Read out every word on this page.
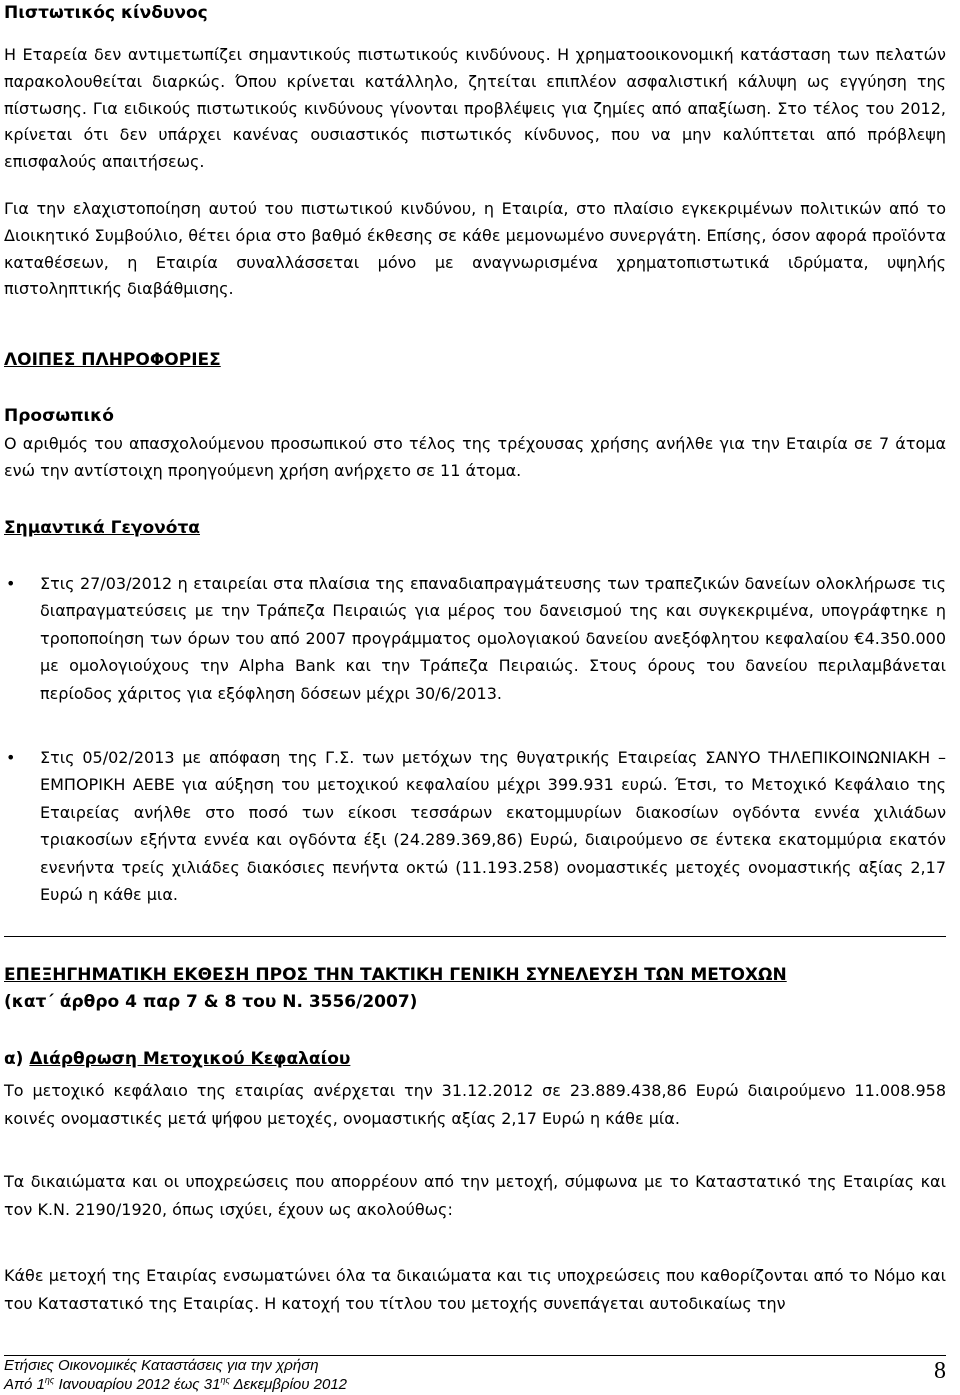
Πιστωτικός κίνδυνος
Η Εταρεία δεν αντιμετωπίζει σημαντικούς πιστωτικούς κινδύνους. Η χρηματοοικονομική κατάσταση των πελατών παρακολουθείται διαρκώς. Όπου κρίνεται κατάλληλο, ζητείται επιπλέον ασφαλιστική κάλυψη ως εγγύηση της πίστωσης. Για ειδικούς πιστωτικούς κινδύνους γίνονται προβλέψεις για ζημίες από απαξίωση. Στο τέλος του 2012, κρίνεται ότι δεν υπάρχει κανένας ουσιαστικός πιστωτικός κίνδυνος, που να μην καλύπτεται από πρόβλεψη επισφαλούς απαιτήσεως.
Για την ελαχιστοποίηση αυτού του πιστωτικού κινδύνου, η Εταιρία, στο πλαίσιο εγκεκριμένων πολιτικών από το Διοικητικό Συμβούλιο, θέτει όρια στο βαθμό έκθεσης σε κάθε μεμονωμένο συνεργάτη. Επίσης, όσον αφορά προϊόντα καταθέσεων, η Εταιρία συναλλάσσεται μόνο με αναγνωρισμένα χρηματοπιστωτικά ιδρύματα, υψηλής πιστοληπτικής διαβάθμισης.
ΛΟΙΠΕΣ ΠΛΗΡΟΦΟΡΙΕΣ
Προσωπικό
Ο αριθμός του απασχολούμενου προσωπικού στο τέλος της τρέχουσας χρήσης ανήλθε για την Εταιρία σε 7 άτομα ενώ την αντίστοιχη προηγούμενη χρήση ανήρχετο σε 11 άτομα.
Σημαντικά Γεγονότα
• Στις 27/03/2012 η εταιρείαι στα πλαίσια της επαναδιαπραγμάτευσης των τραπεζικών δανείων ολοκλήρωσε τις διαπραγματεύσεις με την Τράπεζα Πειραιώς για μέρος του δανεισμού της και συγκεκριμένα, υπογράφτηκε η τροποποίηση των όρων του από 2007 προγράμματος ομολογιακού δανείου ανεξόφλητου κεφαλαίου €4.350.000 με ομολογιούχους την Alpha Bank και την Τράπεζα Πειραιώς. Στους όρους του δανείου περιλαμβάνεται περίοδος χάριτος για εξόφληση δόσεων μέχρι 30/6/2013.
• Στις 05/02/2013 με απόφαση της Γ.Σ. των μετόχων της θυγατρικής Εταιρείας ΣΑΝΥΟ ΤΗΛΕΠΙΚΟΙΝΩΝΙΑΚΗ – ΕΜΠΟΡΙΚΗ ΑΕΒΕ για αύξηση του μετοχικού κεφαλαίου μέχρι 399.931 ευρώ. Έτσι, το Μετοχικό Κεφάλαιο της Εταιρείας ανήλθε στο ποσό των είκοσι τεσσάρων εκατομμυρίων διακοσίων ογδόντα εννέα χιλιάδων τριακοσίων εξήντα εννέα και ογδόντα έξι (24.289.369,86) Ευρώ, διαιρούμενο σε έντεκα εκατομμύρια εκατόν ενενήντα τρείς χιλιάδες διακόσιες πενήντα οκτώ (11.193.258) ονομαστικές μετοχές ονομαστικής αξίας 2,17 Ευρώ η κάθε μια.
ΕΠΕΞΗΓΗΜΑΤΙΚΗ ΕΚΘΕΣΗ ΠΡΟΣ ΤΗΝ ΤΑΚΤΙΚΗ ΓΕΝΙΚΗ ΣΥΝΕΛΕΥΣΗ ΤΩΝ ΜΕΤΟΧΩΝ
(κατ΄ άρθρο 4 παρ 7 & 8 του Ν. 3556/2007)
α) Διάρθρωση Μετοχικού Κεφαλαίου
Το μετοχικό κεφάλαιο της εταιρίας ανέρχεται την 31.12.2012 σε 23.889.438,86 Ευρώ διαιρούμενο 11.008.958 κοινές ονομαστικές μετά ψήφου μετοχές, ονομαστικής αξίας 2,17 Ευρώ η κάθε μία.
Τα δικαιώματα και οι υποχρεώσεις που απορρέουν από την μετοχή, σύμφωνα με το Καταστατικό της Εταιρίας και τον Κ.Ν. 2190/1920, όπως ισχύει, έχουν ως ακολούθως:
Κάθε μετοχή της Εταιρίας ενσωματώνει όλα τα δικαιώματα και τις υποχρεώσεις που καθορίζονται από το Νόμο και του Καταστατικό της Εταιρίας. Η κατοχή του τίτλου του μετοχής συνεπάγεται αυτοδικαίως την
Ετήσιες Οικονομικές Καταστάσεις για την χρήση
Από $1^{\eta\varsigma}$ Ιανουαρίου 2012 έως $31^{\eta\varsigma}$ Δεκεμβρίου 2012
8
